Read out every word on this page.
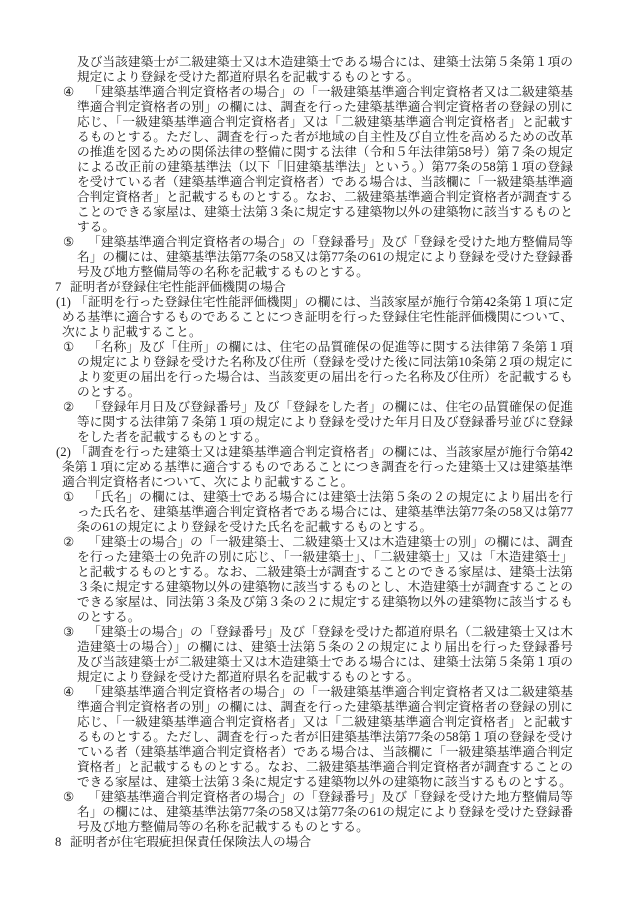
及び当該建築士が二級建築士又は木造建築士である場合には、建築士法第５条第１項の規定により登録を受けた都道府県名を記載するものとする。

④ 「建築基準適合判定資格者の場合」の「一級建築基準適合判定資格者又は二級建築基準適合判定資格者の別」の欄には、調査を行った建築基準適合判定資格者の登録の別に応じ、「一級建築基準適合判定資格者」又は「二級建築基準適合判定資格者」と記載するものとする。ただし、調査を行った者が地域の自主性及び自立性を高めるための改革の推進を図るための関係法律の整備に関する法律（令和５年法律第58号）第７条の規定による改正前の建築基準法（以下「旧建築基準法」という。）第77条の58第１項の登録を受けている者（建築基準適合判定資格者）である場合は、当該欄に「一級建築基準適合判定資格者」と記載するものとする。なお、二級建築基準適合判定資格者が調査することのできる家屋は、建築士法第３条に規定する建築物以外の建築物に該当するものとする。

⑤ 「建築基準適合判定資格者の場合」の「登録番号」及び「登録を受けた地方整備局等名」の欄には、建築基準法第77条の58又は第77条の61の規定により登録を受けた登録番号及び地方整備局等の名称を記載するものとする。

7 証明者が登録住宅性能評価機関の場合

(1) 「証明を行った登録住宅性能評価機関」の欄には、当該家屋が施行令第42条第１項に定める基準に適合するものであることにつき証明を行った登録住宅性能評価機関について、次により記載すること。

① 「名称」及び「住所」の欄には、住宅の品質確保の促進等に関する法律第７条第１項の規定により登録を受けた名称及び住所（登録を受けた後に同法第10条第２項の規定により変更の届出を行った場合は、当該変更の届出を行った名称及び住所）を記載するものとする。

② 「登録年月日及び登録番号」及び「登録をした者」の欄には、住宅の品質確保の促進等に関する法律第７条第１項の規定により登録を受けた年月日及び登録番号並びに登録をした者を記載するものとする。

(2) 「調査を行った建築士又は建築基準適合判定資格者」の欄には、当該家屋が施行令第42条第１項に定める基準に適合するものであることにつき調査を行った建築士又は建築基準適合判定資格者について、次により記載すること。

① 「氏名」の欄には、建築士である場合には建築士法第５条の２の規定により届出を行った氏名を、建築基準適合判定資格者である場合には、建築基準法第77条の58又は第77条の61の規定により登録を受けた氏名を記載するものとする。

② 「建築士の場合」の「一級建築士、二級建築士又は木造建築士の別」の欄には、調査を行った建築士の免許の別に応じ、「一級建築士」、「二級建築士」又は「木造建築士」と記載するものとする。なお、二級建築士が調査することのできる家屋は、建築士法第３条に規定する建築物以外の建築物に該当するものとし、木造建築士が調査することのできる家屋は、同法第３条及び第３条の２に規定する建築物以外の建築物に該当するものとする。

③ 「建築士の場合」の「登録番号」及び「登録を受けた都道府県名（二級建築士又は木造建築士の場合）」の欄には、建築士法第５条の２の規定により届出を行った登録番号及び当該建築士が二級建築士又は木造建築士である場合には、建築士法第５条第１項の規定により登録を受けた都道府県名を記載するものとする。

④ 「建築基準適合判定資格者の場合」の「一級建築基準適合判定資格者又は二級建築基準適合判定資格者の別」の欄には、調査を行った建築基準適合判定資格者の登録の別に応じ、「一級建築基準適合判定資格者」又は「二級建築基準適合判定資格者」と記載するものとする。ただし、調査を行った者が旧建築基準法第77条の58第１項の登録を受けている者（建築基準適合判定資格者）である場合は、当該欄に「一級建築基準適合判定資格者」と記載するものとする。なお、二級建築基準適合判定資格者が調査することのできる家屋は、建築士法第３条に規定する建築物以外の建築物に該当するものとする。

⑤ 「建築基準適合判定資格者の場合」の「登録番号」及び「登録を受けた地方整備局等名」の欄には、建築基準法第77条の58又は第77条の61の規定により登録を受けた登録番号及び地方整備局等の名称を記載するものとする。

8 証明者が住宅瑕疵担保責任保険法人の場合
